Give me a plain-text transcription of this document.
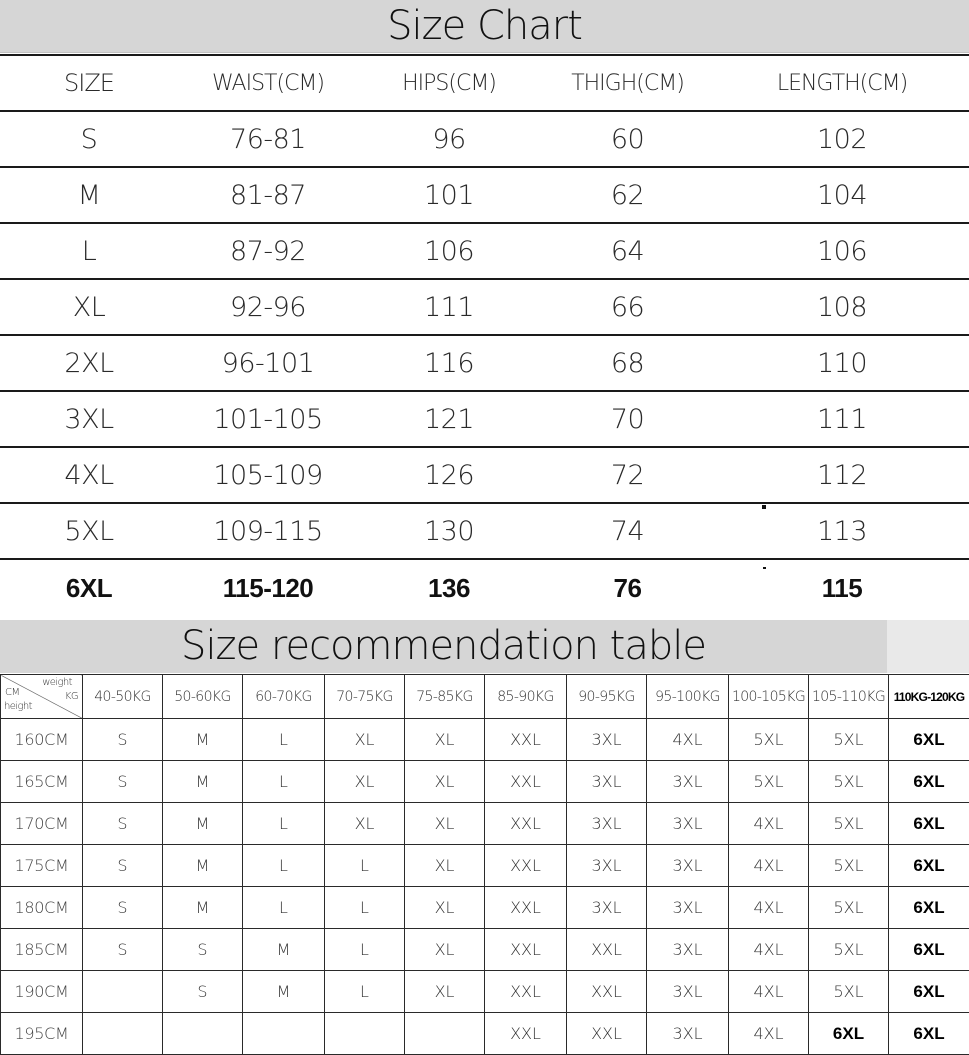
Size Chart
SIZE	WAIST(CM)	HIPS(CM)	THIGH(CM)	LENGTH(CM)
S	76-81	96	60	102
M	81-87	101	62	104
L	87-92	106	64	106
XL	92-96	111	66	108
2XL	96-101	116	68	110
3XL	101-105	121	70	111
4XL	105-109	126	72	112
5XL	109-115	130	74	113
6XL	115-120	136	76	115
Size recommendation table
weight
KG
CM
height	40-50KG	50-60KG	60-70KG	70-75KG	75-85KG	85-90KG	90-95KG	95-100KG	100-105KG	105-110KG	110KG-120KG
160CM	S	M	L	XL	XL	XXL	3XL	4XL	5XL	5XL	6XL
165CM	S	M	L	XL	XL	XXL	3XL	3XL	5XL	5XL	6XL
170CM	S	M	L	XL	XL	XXL	3XL	3XL	4XL	5XL	6XL
175CM	S	M	L	L	XL	XXL	3XL	3XL	4XL	5XL	6XL
180CM	S	M	L	L	XL	XXL	3XL	3XL	4XL	5XL	6XL
185CM	S	S	M	L	XL	XXL	XXL	3XL	4XL	5XL	6XL
190CM		S	M	L	XL	XXL	XXL	3XL	4XL	5XL	6XL
195CM						XXL	XXL	3XL	4XL	6XL	6XL
